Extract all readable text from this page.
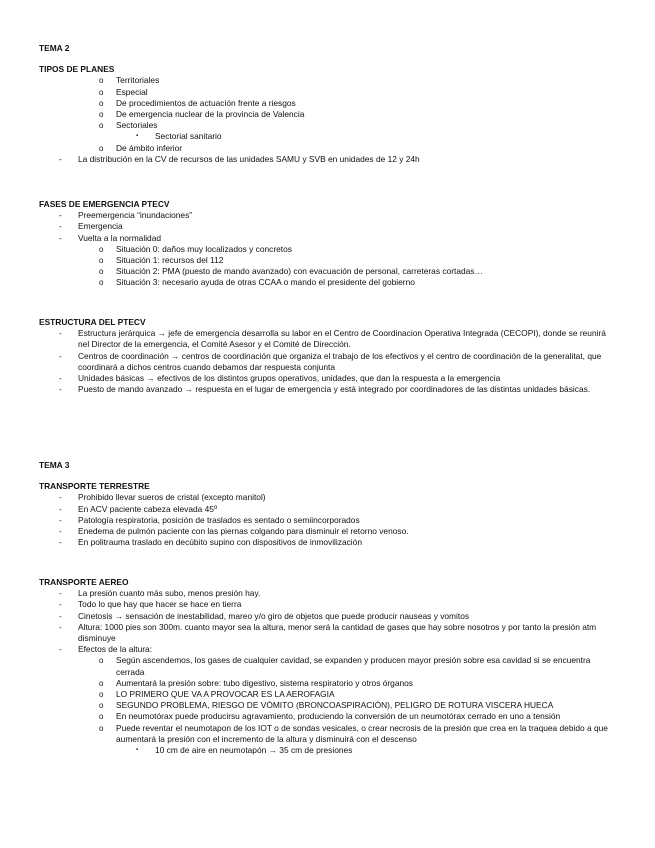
TEMA 2

TIPOS DE PLANES

o Territoriales
o Especial
o De procedimientos de actuación frente a riesgos
o De emergencia nuclear de la provincia de Valencia
o Sectoriales
▪ Sectorial sanitario
o De ámbito inferior
- La distribución en la CV de recursos de las unidades SAMU y SVB en unidades de 12 y 24h

FASES DE EMERGENCIA PTECV

- Preemergencia “inundaciones”
- Emergencia
- Vuelta a la normalidad
o Situación 0: daños muy localizados y concretos
o Situación 1: recursos del 112
o Situación 2: PMA (puesto de mando avanzado) con evacuación de personal, carreteras cortadas…
o Situación 3: necesario ayuda de otras CCAA o mando el presidente del gobierno

ESTRUCTURA DEL PTECV

- Estructura jerárquica → jefe de emergencia desarrolla su labor en el Centro de Coordinacion Operativa Integrada (CECOPI), donde se reunirá nel Director de la emergencia, el Comité Asesor y el Comité de Dirección.
- Centros de coordinación → centros de coordinación que organiza el trabajo de los efectivos y el centro de coordinación de la generalitat, que coordinará a dichos centros cuando debamos dar respuesta conjunta
- Unidades básicas → efectivos de los distintos grupos operativos, unidades, que dan la respuesta a la emergencia
- Puesto de mando avanzado → respuesta en el lugar de emergencia y está integrado por coordinadores de las distintas unidades básicas.

TEMA 3

TRANSPORTE TERRESTRE

- Prohibido llevar sueros de cristal (excepto manitol)
- En ACV paciente cabeza elevada 45º
- Patología respiratoria, posición de traslados es sentado o semiincorporados
- Enedema de pulmón paciente con las piernas colgando para disminuir el retorno venoso.
- En politrauma traslado en decúbito supino con dispositivos de inmovilización

TRANSPORTE AEREO

- La presión cuanto más subo, menos presión hay.
- Todo lo que hay que hacer se hace en tierra
- Cinetosis → sensación de inestabilidad, mareo y/o giro de objetos que puede producir nauseas y vomitos
- Altura: 1000 pies son 300m. cuanto mayor sea la altura, menor será la cantidad de gases que hay sobre nosotros y por tanto la presión atm disminuye
- Efectos de la altura:
o Según ascendemos, los gases de cualquier cavidad, se expanden y producen mayor presión sobre esa cavidad si se encuentra cerrada
o Aumentará la presión sobre: tubo digestivo, sistema respiratorio y otros órganos
o LO PRIMERO QUE VA A PROVOCAR ES LA AEROFAGIA
o SEGUNDO PROBLEMA, RIESGO DE VÓMITO (BRONCOASPIRACIÓN), PELIGRO DE ROTURA VISCERA HUECA
o En neumotórax puede producirsu agravamiento, produciendo la conversión de un neumotórax cerrado en uno a tensión
o Puede reventar el neumotapon de los IOT o de sondas vesicales, o crear necrosis de la presión que crea en la traquea debido a que aumentará la presión con el incremento de la altura y disminuirá con el descenso
▪ 10 cm de aire en neumotapón → 35 cm de presiones
